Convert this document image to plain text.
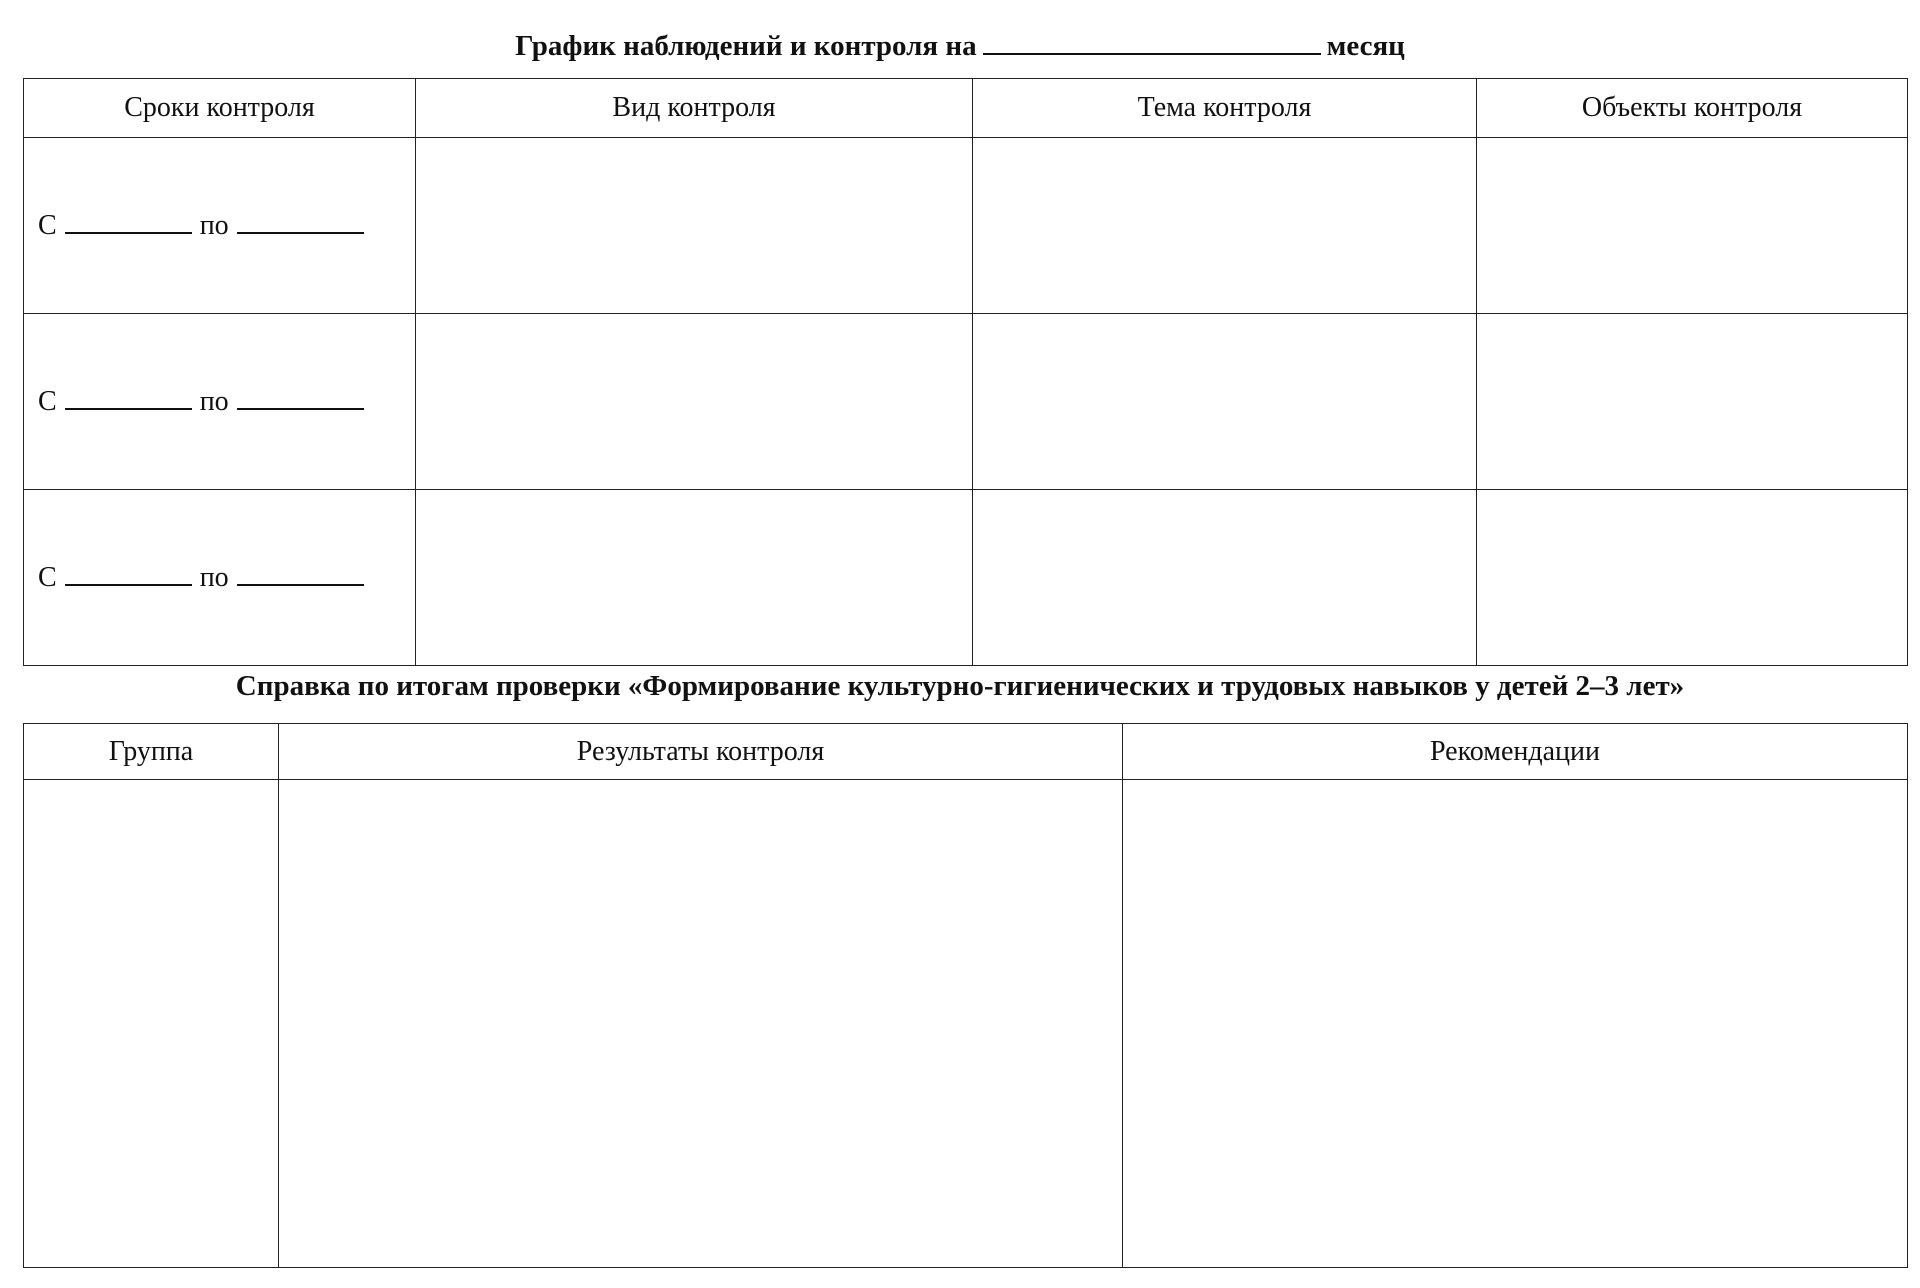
График наблюдений и контроля на	месяц
Сроки контроля	Вид контроля	Тема контроля	Объекты контроля
С по			
С по			
С по			
Справка по итогам проверки «Формирование культурно-гигиенических и трудовых навыков у детей 2–3 лет»
Группа	Результаты контроля	Рекомендации
